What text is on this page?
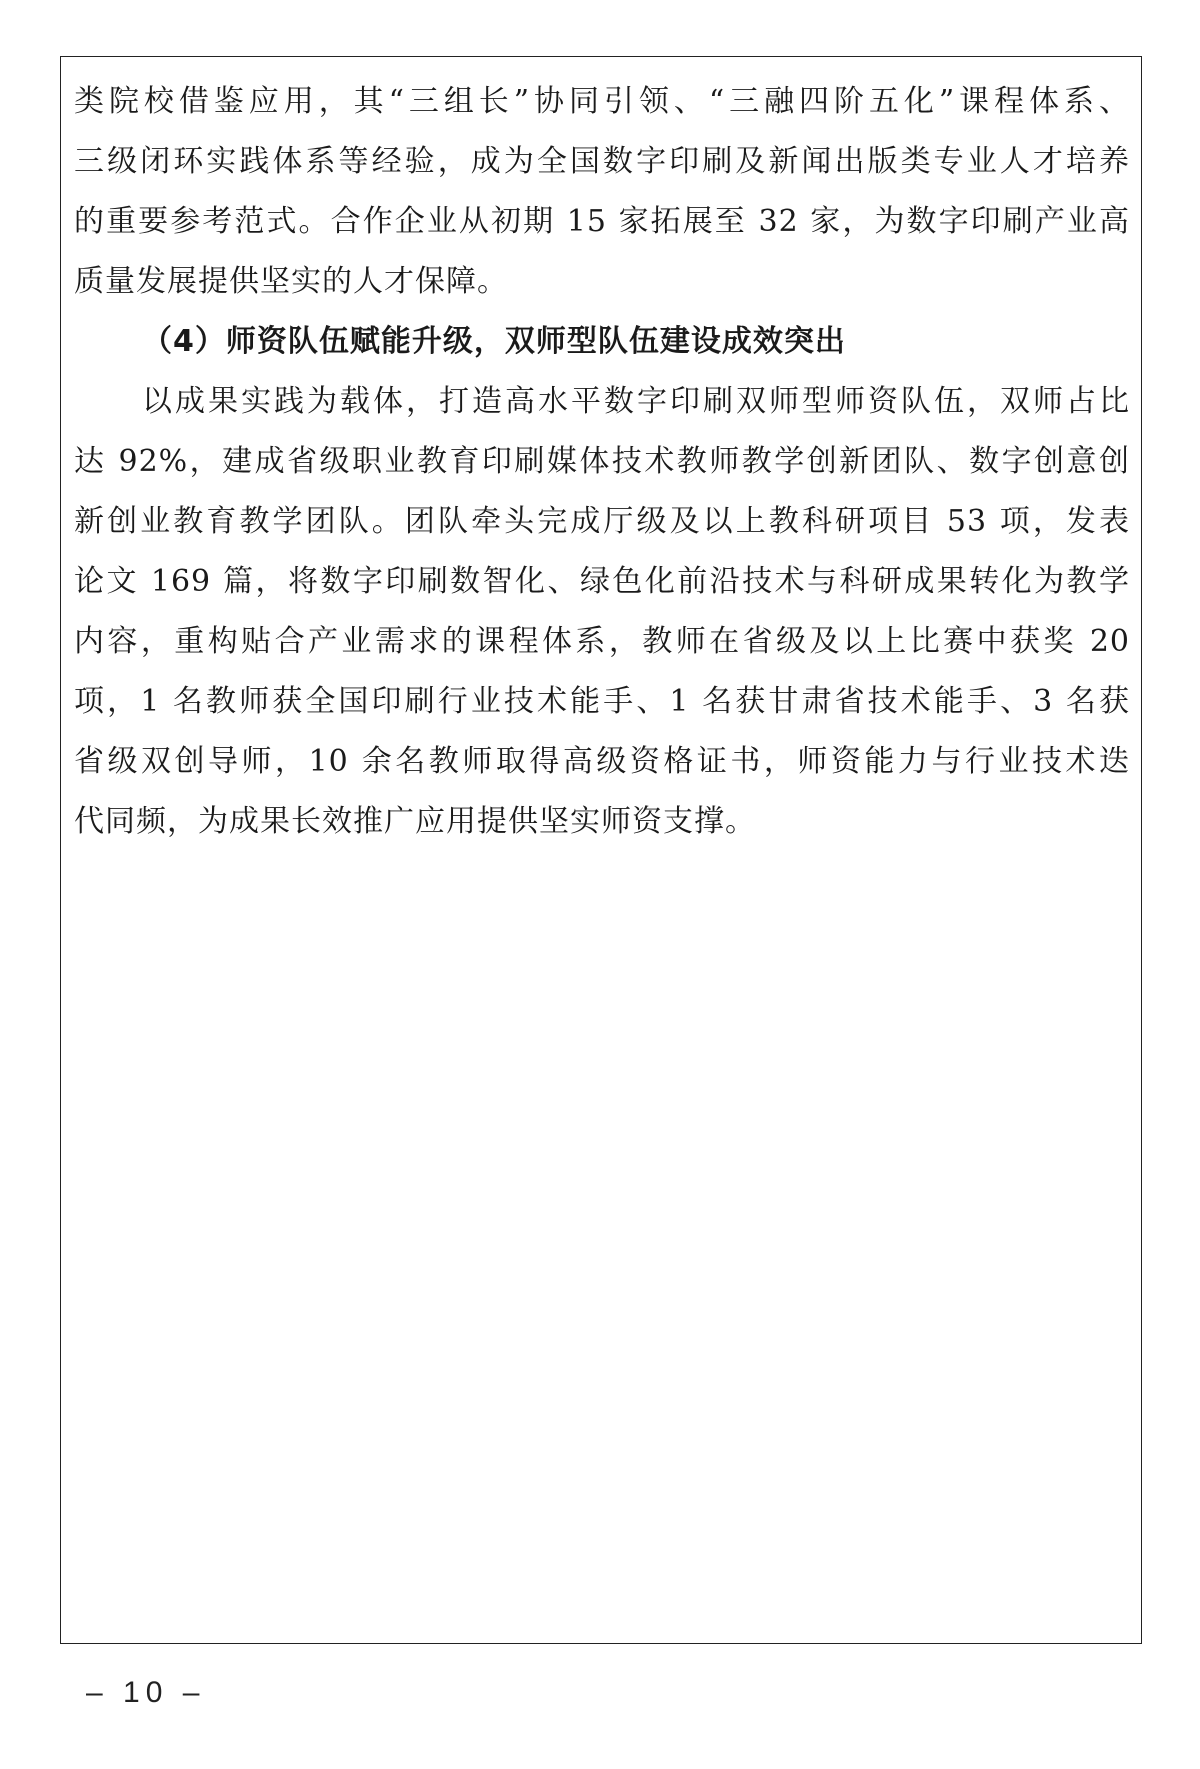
类院校借鉴应用，其“三组长”协同引领、“三融四阶五化”课程体系、
三级闭环实践体系等经验，成为全国数字印刷及新闻出版类专业人才培养
的重要参考范式。合作企业从初期 15 家拓展至 32 家，为数字印刷产业高
质量发展提供坚实的人才保障。
（4）师资队伍赋能升级，双师型队伍建设成效突出
以成果实践为载体，打造高水平数字印刷双师型师资队伍，双师占比
达 92%，建成省级职业教育印刷媒体技术教师教学创新团队、数字创意创
新创业教育教学团队。团队牵头完成厅级及以上教科研项目 53 项，发表
论文 169 篇，将数字印刷数智化、绿色化前沿技术与科研成果转化为教学
内容，重构贴合产业需求的课程体系，教师在省级及以上比赛中获奖 20
项，1 名教师获全国印刷行业技术能手、1 名获甘肃省技术能手、3 名获
省级双创导师，10 余名教师取得高级资格证书，师资能力与行业技术迭
代同频，为成果长效推广应用提供坚实师资支撑。
– 10 –
